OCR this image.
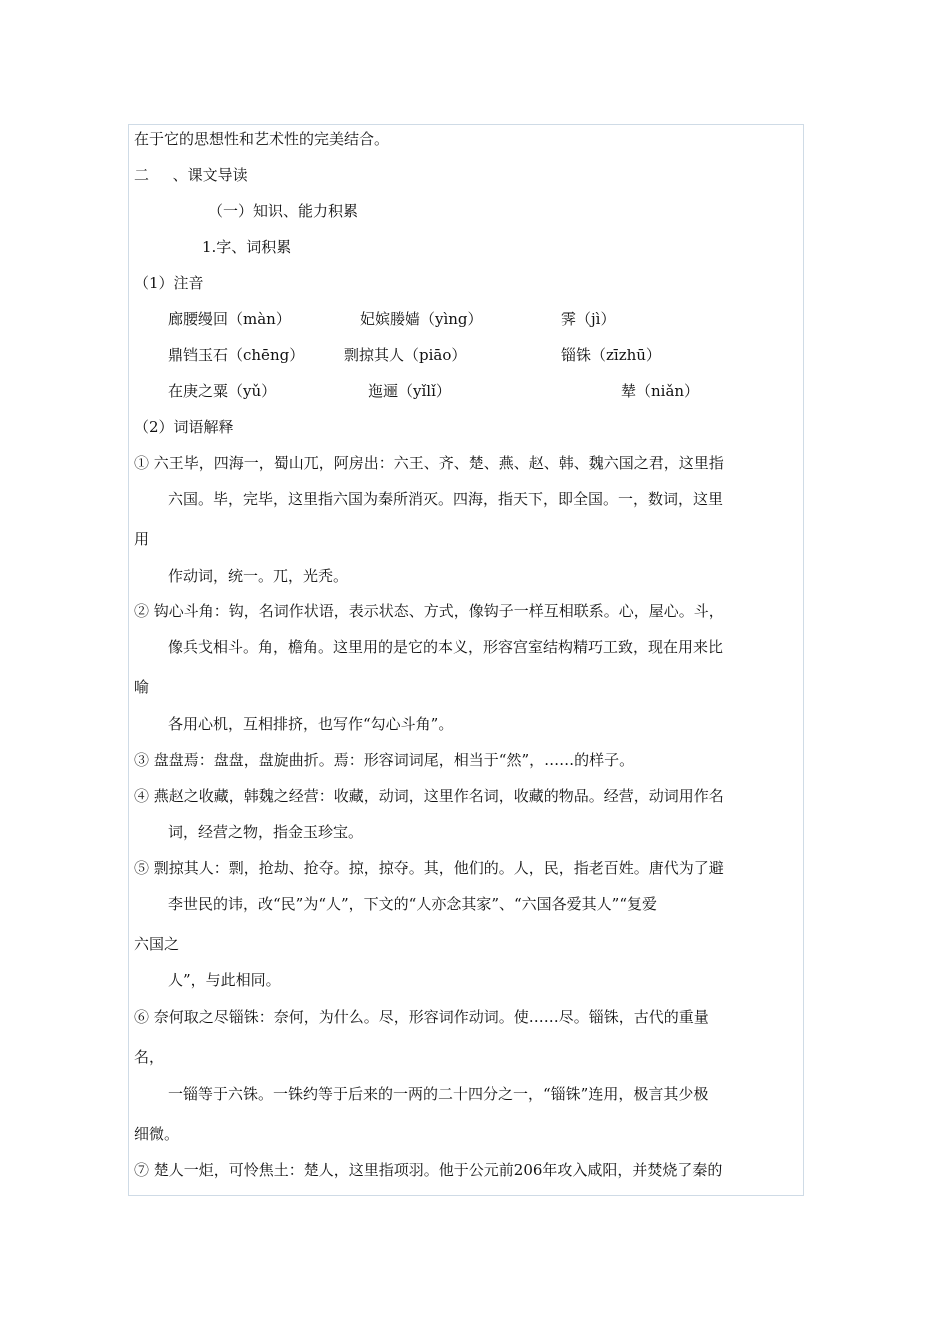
在于它的思想性和艺术性的完美结合。
二 、课文导读
（一）知识、能力积累
1.字、词积累
（1）注音
廊腰缦回（màn）	妃嫔媵嫱（yìng）	霁（jì）
鼎铛玉石（chēng）	剽掠其人（piāo）	锱铢（zīzhū）
在庚之粟（yǔ）	迤逦（yǐlǐ）	辇（niǎn）
（2）词语解释
① 六王毕，四海一，蜀山兀，阿房出：六王、齐、楚、燕、赵、韩、魏六国之君，这里指
六国。毕，完毕，这里指六国为秦所消灭。四海，指天下，即全国。一，数词，这里
用
作动词，统一。兀，光秃。
② 钩心斗角：钩，名词作状语，表示状态、方式，像钩子一样互相联系。心，屋心。斗，
像兵戈相斗。角，檐角。这里用的是它的本义，形容宫室结构精巧工致，现在用来比
喻
各用心机，互相排挤，也写作“勾心斗角”。
③ 盘盘焉：盘盘，盘旋曲折。焉：形容词词尾，相当于“然”，……的样子。
④ 燕赵之收藏，韩魏之经营：收藏，动词，这里作名词，收藏的物品。经营，动词用作名
词，经营之物，指金玉珍宝。
⑤ 剽掠其人：剽，抢劫、抢夺。掠，掠夺。其，他们的。人，民，指老百姓。唐代为了避
李世民的讳，改“民”为“人”，下文的“人亦念其家”、“六国各爱其人”“复爱
六国之
人”，与此相同。
⑥ 奈何取之尽锱铢：奈何，为什么。尽，形容词作动词。使……尽。锱铢，古代的重量
名，
一锱等于六铢。一铢约等于后来的一两的二十四分之一，“锱铢”连用，极言其少极
细微。
⑦ 楚人一炬，可怜焦土：楚人，这里指项羽。他于公元前206年攻入咸阳，并焚烧了秦的
